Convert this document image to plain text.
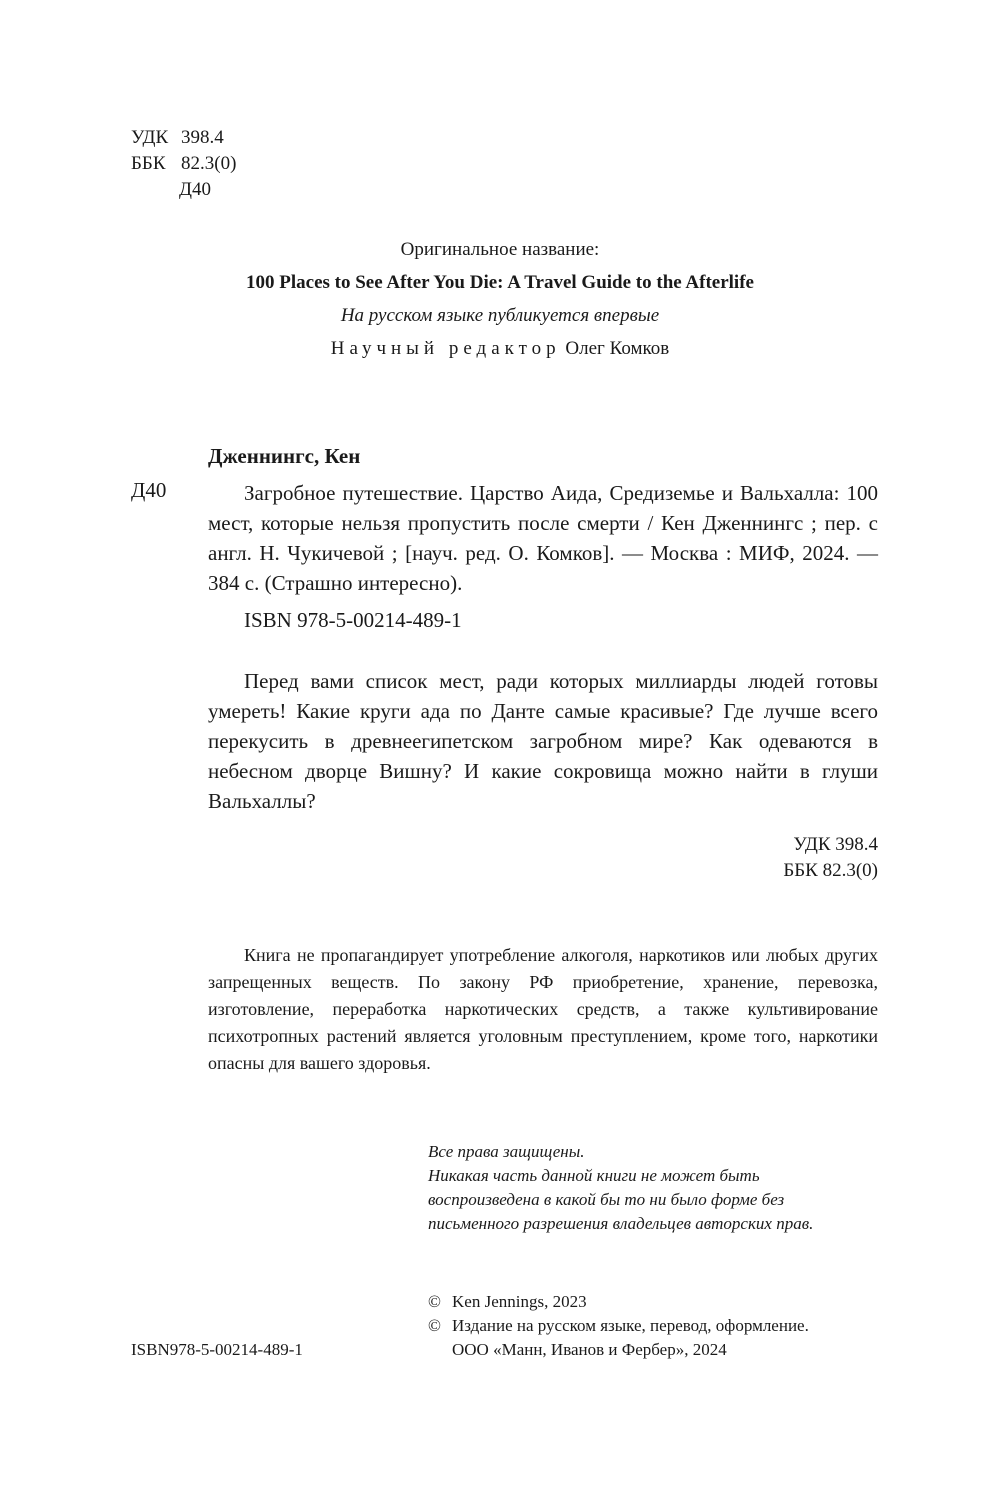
УДК 398.4
ББК 82.3(0)
Д40
Оригинальное название:
100 Places to See After You Die: A Travel Guide to the Afterlife
На русском языке публикуется впервые
Научный редактор Олег Комков
Дженнингс, Кен
Д40	Загробное путешествие. Царство Аида, Средиземье и Вальхалла: 100 мест, которые нельзя пропустить после смерти / Кен Дженнингс ; пер. с англ. Н. Чукичевой ; [науч. ред. О. Комков]. — Москва : МИФ, 2024. — 384 с. (Страшно интересно).
ISBN 978-5-00214-489-1
Перед вами список мест, ради которых миллиарды людей готовы умереть! Какие круги ада по Данте самые красивые? Где лучше всего перекусить в древнеегипетском загробном мире? Как одеваются в небесном дворце Вишну? И какие сокровища можно найти в глуши Вальхаллы?
УДК 398.4
ББК 82.3(0)
Книга не пропагандирует употребление алкоголя, наркотиков или любых других запрещенных веществ. По закону РФ приобретение, хранение, перевозка, изготовление, переработка наркотических средств, а также культивирование психотропных растений является уголовным преступлением, кроме того, наркотики опасны для вашего здоровья.
Все права защищены.
Никакая часть данной книги не может быть воспроизведена в какой бы то ни было форме без письменного разрешения владельцев авторских прав.
© Ken Jennings, 2023
© Издание на русском языке, перевод, оформление.
ООО «Манн, Иванов и Фербер», 2024
ISBN978-5-00214-489-1
